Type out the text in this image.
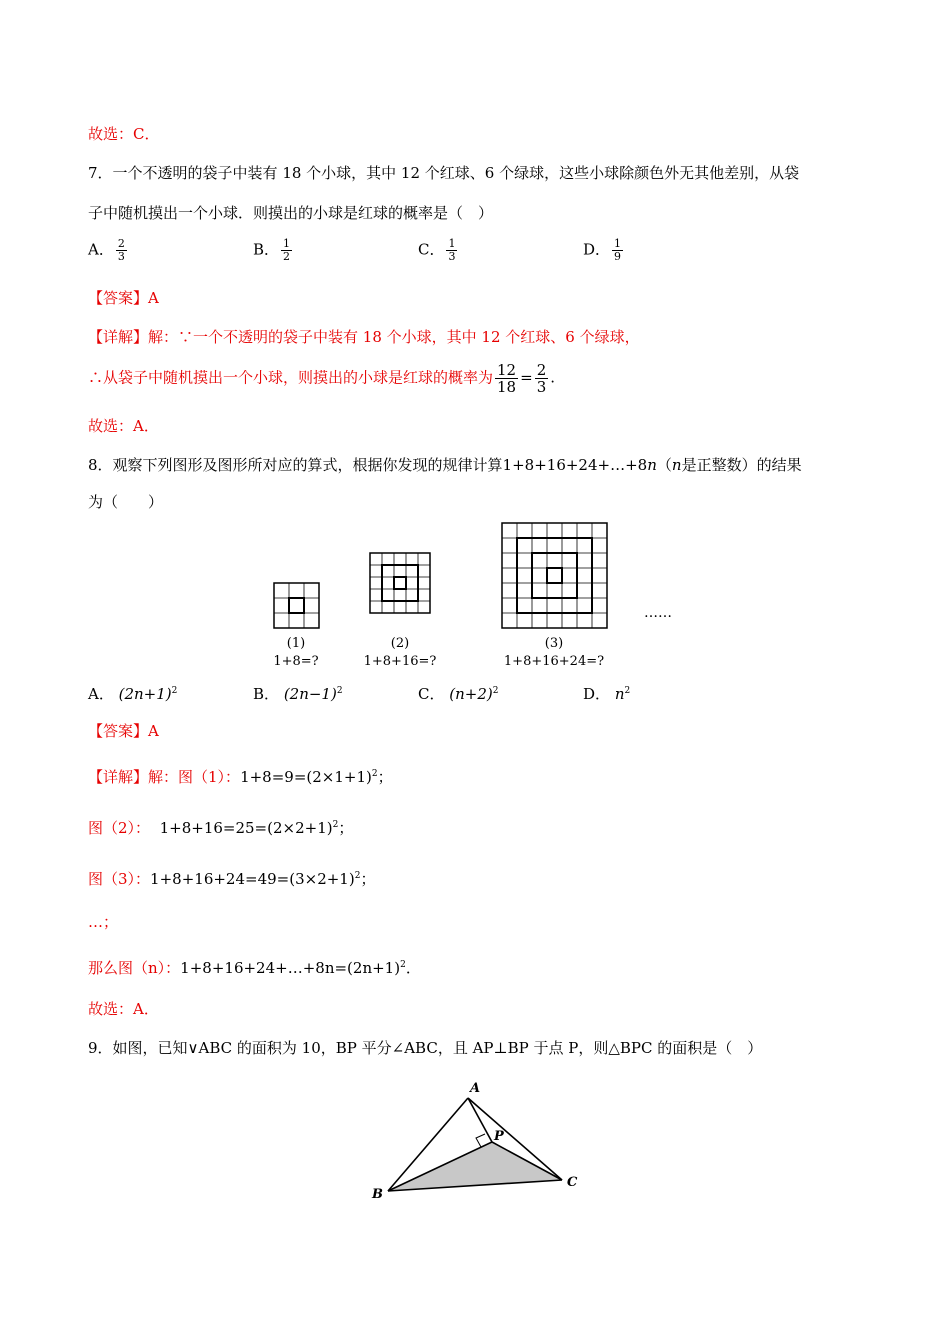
故选：C．
7．一个不透明的袋子中装有 18 个小球，其中 12 个红球、6 个绿球，这些小球除颜色外无其他差别，从袋
子中随机摸出一个小球．则摸出的小球是红球的概率是（　）
A． $\frac{2}{3}$	B． $\frac{1}{2}$	C． $\frac{1}{3}$	D． $\frac{1}{9}$
【答案】A
【详解】解：∵一个不透明的袋子中装有 18 个小球，其中 12 个红球、6 个绿球，
∴从袋子中随机摸出一个小球，则摸出的小球是红球的概率为 $\frac{12}{18} = \frac{2}{3}$ .
故选：A．
8．观察下列图形及图形所对应的算式，根据你发现的规律计算1+8+16+24+…+8n（n是正整数）的结果
为（　　）
(1)
1+8=?
(2)
1+8+16=?
(3)
1+8+16+24=?
……
A． $(2n+1)^2$	B． $(2n-1)^2$	C． $(n+2)^2$	D． $n^2$
【答案】A
【详解】解：图（1）：$1+8=9=(2\times 1+1)^2$；
图（2）： $1+8+16=25=(2\times 2+1)^2$；
图（3）：$1+8+16+24=49=(3\times 2+1)^2$；
…；
那么图（n）：$1+8+16+24+\dots+8n=(2n+1)^2$．
故选：A．
9．如图，已知∨ABC 的面积为 10，BP 平分∠ABC，且 AP⊥BP 于点 P，则△BPC 的面积是（　）
A
P
B
C
